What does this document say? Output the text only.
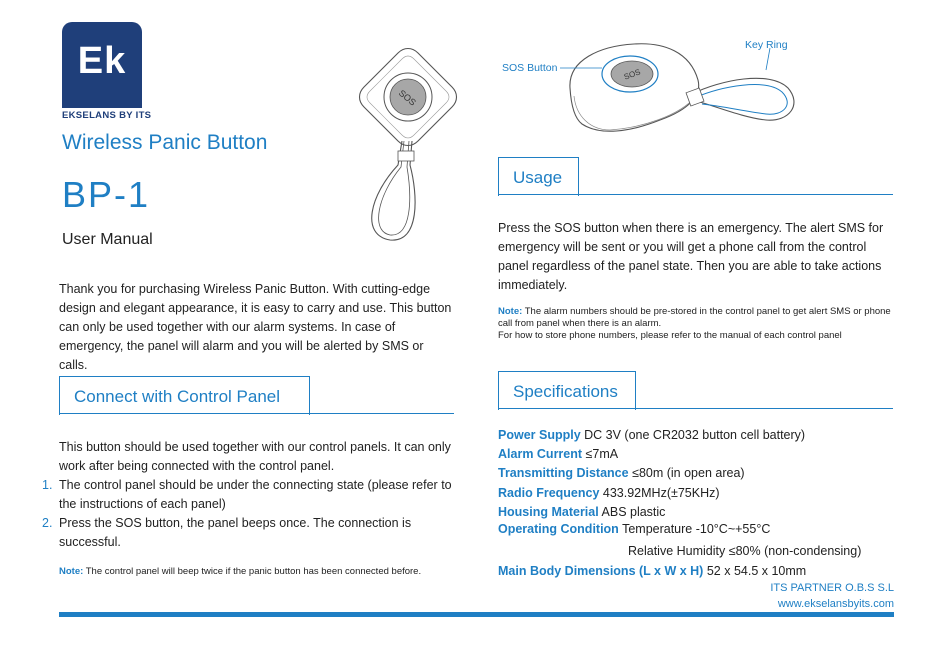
Ek
EKSELANS BY ITS
Wireless Panic Button
BP-1
User Manual
SOS
Thank you for purchasing Wireless Panic Button. With cutting-edge design and elegant appearance, it is easy to carry and use. This button can only be used together with our alarm systems. In case of emergency, the panel will alarm and you will be alerted by SMS or calls.
Connect with Control Panel
This button should be used together with our control panels. It can only work after being connected with the control panel.
1. The control panel should be under the connecting state (please refer to the instructions of each panel)
2. Press the SOS button, the panel beeps once. The connection is successful.
Note: The control panel will beep twice if the panic button has been connected before.
SOS
SOS Button
Key Ring
Usage
Press the SOS button when there is an emergency. The alert SMS for emergency will be sent or you will get a phone call from the control panel regardless of the panel state. Then you are able to take actions immediately.
Note: The alarm numbers should be pre-stored in the control panel to get alert SMS or phone call from panel when there is an alarm.
For how to store phone numbers, please refer to the manual of each control panel
Specifications
Power Supply DC 3V (one CR2032 button cell battery)
Alarm Current ≤7mA
Transmitting Distance ≤80m (in open area)
Radio Frequency 433.92MHz(±75KHz)
Housing Material ABS plastic
Operating Condition Temperature -10°C~+55°C
Relative Humidity ≤80% (non-condensing)
Main Body Dimensions (L x W x H) 52 x 54.5 x 10mm
ITS PARTNER O.B.S S.L
www.ekselansbyits.com
